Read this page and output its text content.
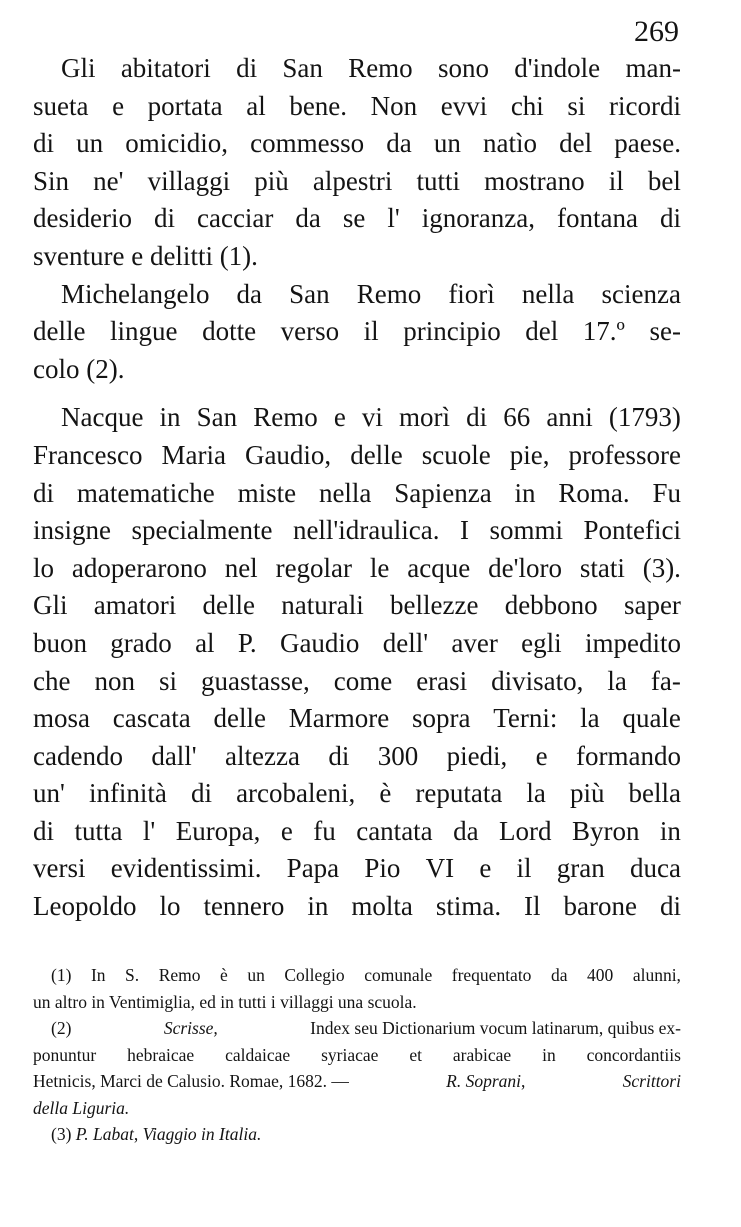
269
Gli abitatori di San Remo sono d'indole man-
sueta e portata al bene. Non evvi chi si ricordi
di un omicidio, commesso da un natìo del paese.
Sin ne' villaggi più alpestri tutti mostrano il bel
desiderio di cacciar da se l' ignoranza, fontana di
sventure e delitti (1).
Michelangelo da San Remo fiorì nella scienza
delle lingue dotte verso il principio del 17.º se-
colo (2).
Nacque in San Remo e vi morì di 66 anni (1793)
Francesco Maria Gaudio, delle scuole pie, professore
di matematiche miste nella Sapienza in Roma. Fu
insigne specialmente nell'idraulica. I sommi Pontefici
lo adoperarono nel regolar le acque de'loro stati (3).
Gli amatori delle naturali bellezze debbono saper
buon grado al P. Gaudio dell' aver egli impedito
che non si guastasse, come erasi divisato, la fa-
mosa cascata delle Marmore sopra Terni: la quale
cadendo dall' altezza di 300 piedi, e formando
un' infinità di arcobaleni, è reputata la più bella
di tutta l' Europa, e fu cantata da Lord Byron in
versi evidentissimi. Papa Pio VI e il gran duca
Leopoldo lo tennero in molta stima. Il barone di
(1) In S. Remo è un Collegio comunale frequentato da 400 alunni,
un altro in Ventimiglia, ed in tutti i villaggi una scuola.
(2)	Scrisse,	Index seu Dictionarium vocum latinarum, quibus ex-
ponuntur hebraicae caldaicae syriacae et arabicae in concordantiis
Hetnicis, Marci de Calusio. Romae, 1682. —	R. Soprani,	Scrittori
della Liguria.
(3)
P. Labat ,
Viaggio in Italia.
